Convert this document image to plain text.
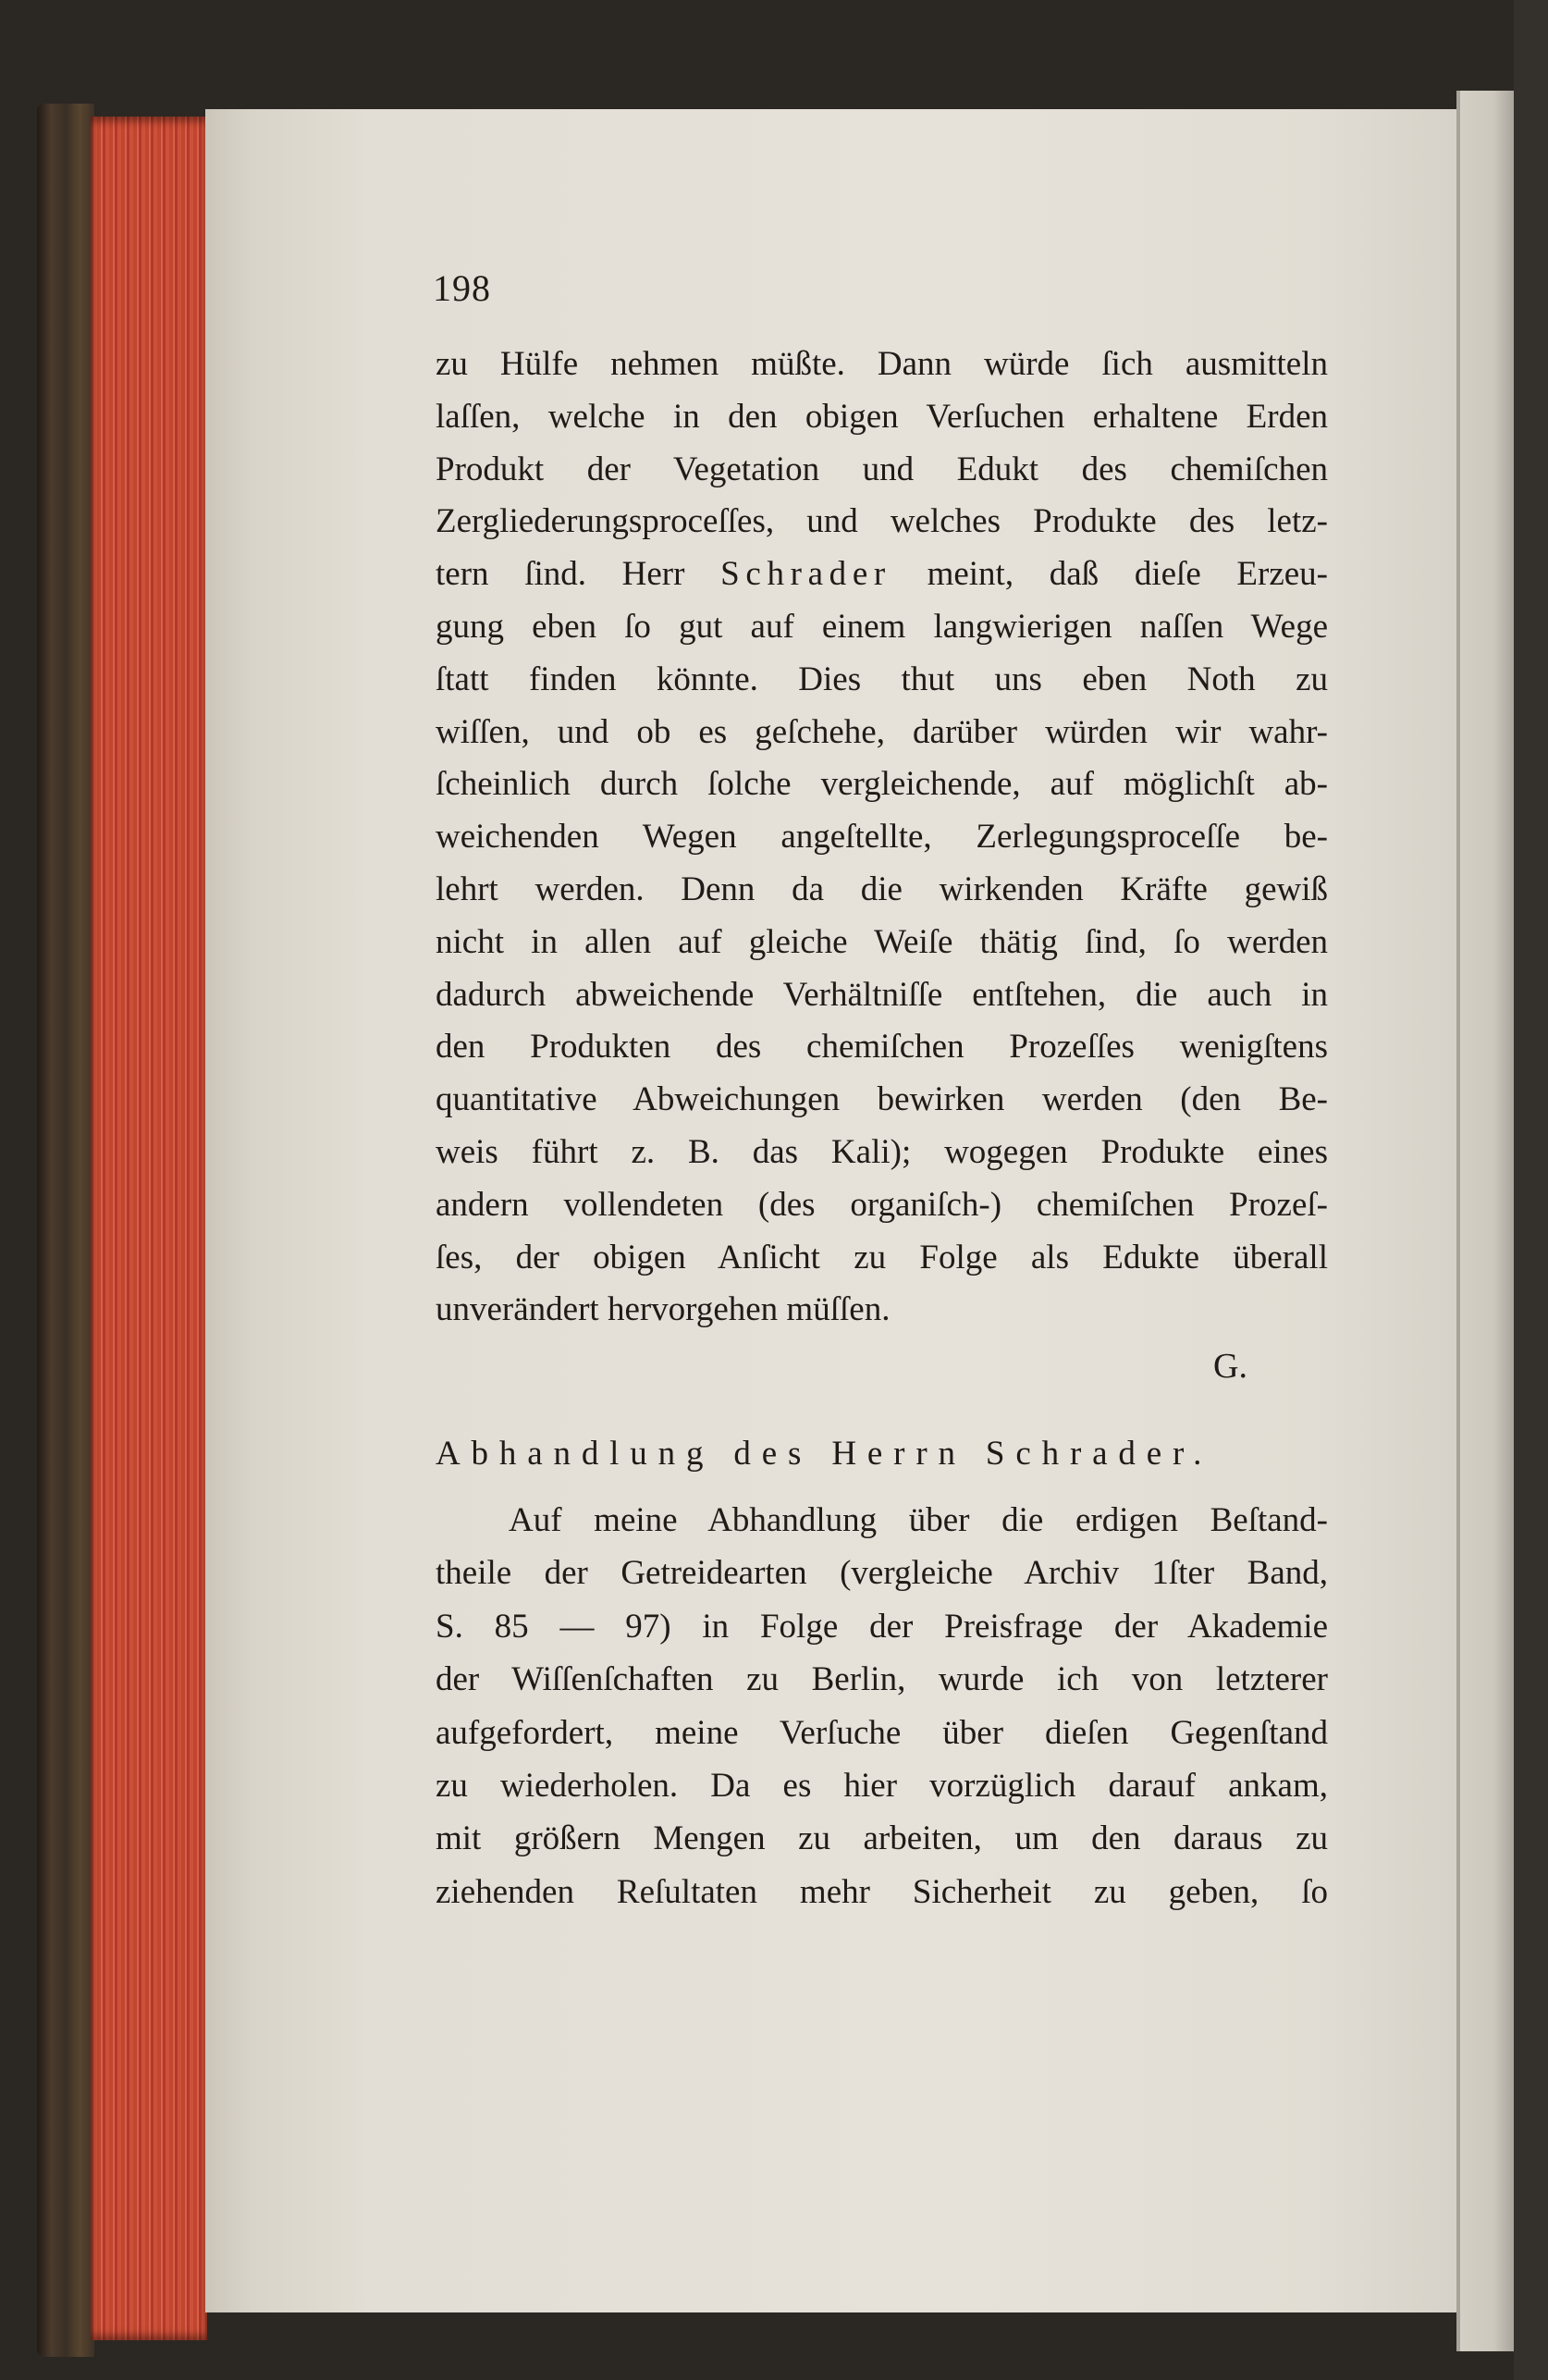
198
zu Hülfe nehmen müßte. Dann würde ſich ausmitteln
laſſen, welche in den obigen Verſuchen erhaltene Erden
Produkt der Vegetation und Edukt des chemiſchen
Zergliederungsproceſſes, und welches Produkte des letz-
tern ſind. Herr Schrader meint, daß dieſe Erzeu-
gung eben ſo gut auf einem langwierigen naſſen Wege
ſtatt finden könnte. Dies thut uns eben Noth zu
wiſſen, und ob es geſchehe, darüber würden wir wahr-
ſcheinlich durch ſolche vergleichende, auf möglichſt ab-
weichenden Wegen angeſtellte, Zerlegungsproceſſe be-
lehrt werden. Denn da die wirkenden Kräfte gewiß
nicht in allen auf gleiche Weiſe thätig ſind, ſo werden
dadurch abweichende Verhältniſſe entſtehen, die auch in
den Produkten des chemiſchen Prozeſſes wenigſtens
quantitative Abweichungen bewirken werden (den Be-
weis führt z. B. das Kali); wogegen Produkte eines
andern vollendeten (des organiſch-) chemiſchen Prozeſ-
ſes, der obigen Anſicht zu Folge als Edukte überall
unverändert hervorgehen müſſen.
G.
Abhandlung des Herrn Schrader.
Auf meine Abhandlung über die erdigen Beſtand-
theile der Getreidearten (vergleiche Archiv 1ſter Band,
S. 85 — 97) in Folge der Preisfrage der Akademie
der Wiſſenſchaften zu Berlin, wurde ich von letzterer
aufgefordert, meine Verſuche über dieſen Gegenſtand
zu wiederholen. Da es hier vorzüglich darauf ankam,
mit größern Mengen zu arbeiten, um den daraus zu
ziehenden Reſultaten mehr Sicherheit zu geben, ſo
